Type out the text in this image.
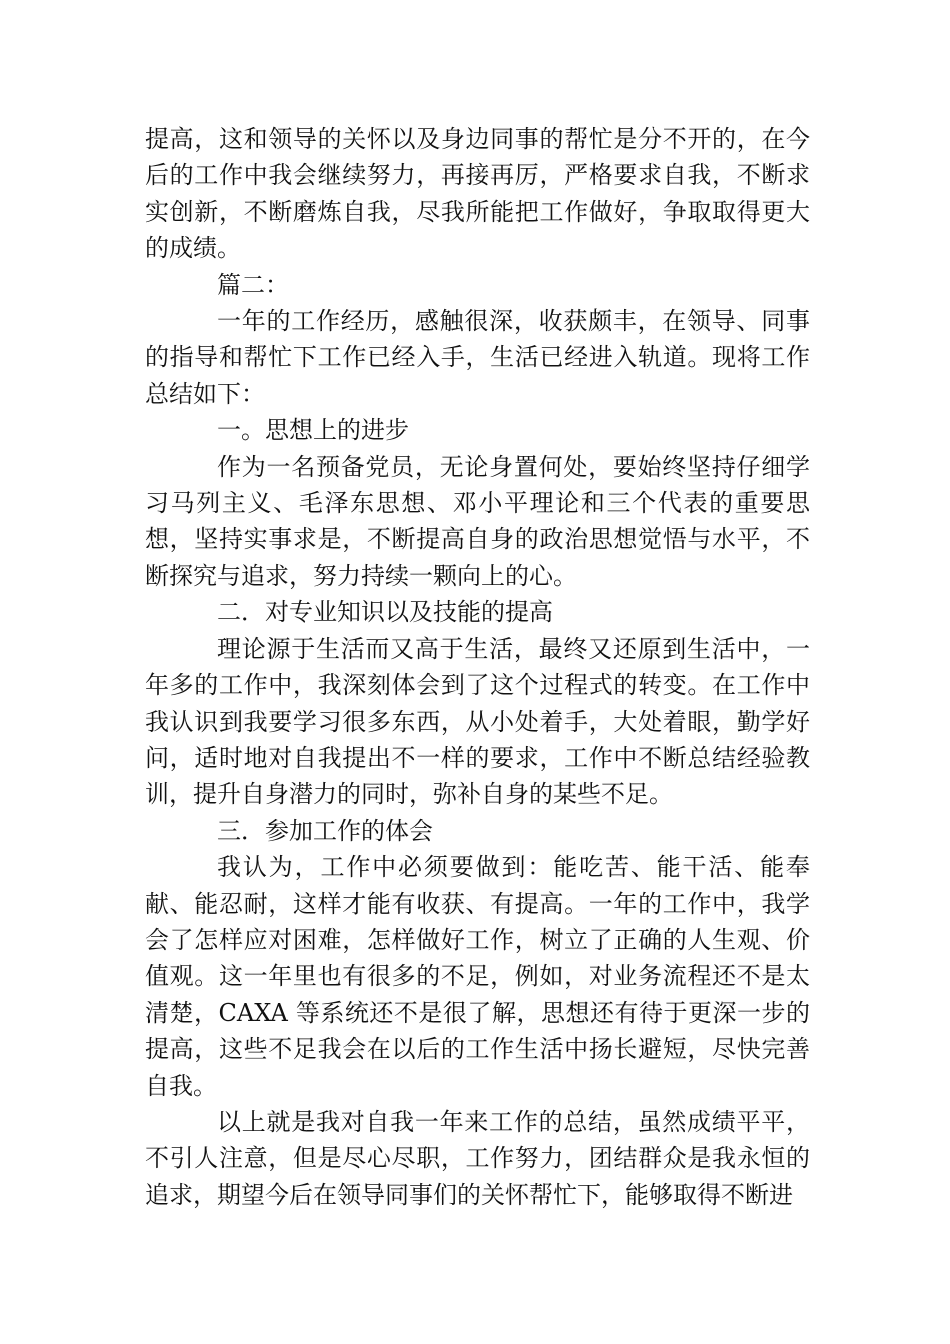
提高，这和领导的关怀以及身边同事的帮忙是分不开的，在今后的工作中我会继续努力，再接再厉，严格要求自我，不断求实创新，不断磨炼自我，尽我所能把工作做好，争取取得更大的成绩。

篇二：

一年的工作经历，感触很深，收获颇丰，在领导、同事的指导和帮忙下工作已经入手，生活已经进入轨道。现将工作总结如下：

一。思想上的进步

作为一名预备党员，无论身置何处，要始终坚持仔细学习马列主义、毛泽东思想、邓小平理论和三个代表的重要思想，坚持实事求是，不断提高自身的政治思想觉悟与水平，不断探究与追求，努力持续一颗向上的心。

二．对专业知识以及技能的提高

理论源于生活而又高于生活，最终又还原到生活中，一年多的工作中，我深刻体会到了这个过程式的转变。在工作中我认识到我要学习很多东西，从小处着手，大处着眼，勤学好问，适时地对自我提出不一样的要求，工作中不断总结经验教训，提升自身潜力的同时，弥补自身的某些不足。

三．参加工作的体会

我认为，工作中必须要做到：能吃苦、能干活、能奉献、能忍耐，这样才能有收获、有提高。一年的工作中，我学会了怎样应对困难，怎样做好工作，树立了正确的人生观、价值观。这一年里也有很多的不足，例如，对业务流程还不是太清楚，CAXA 等系统还不是很了解，思想还有待于更深一步的提高，这些不足我会在以后的工作生活中扬长避短，尽快完善自我。

以上就是我对自我一年来工作的总结，虽然成绩平平，不引人注意，但是尽心尽职，工作努力，团结群众是我永恒的追求，期望今后在领导同事们的关怀帮忙下，能够取得不断进
